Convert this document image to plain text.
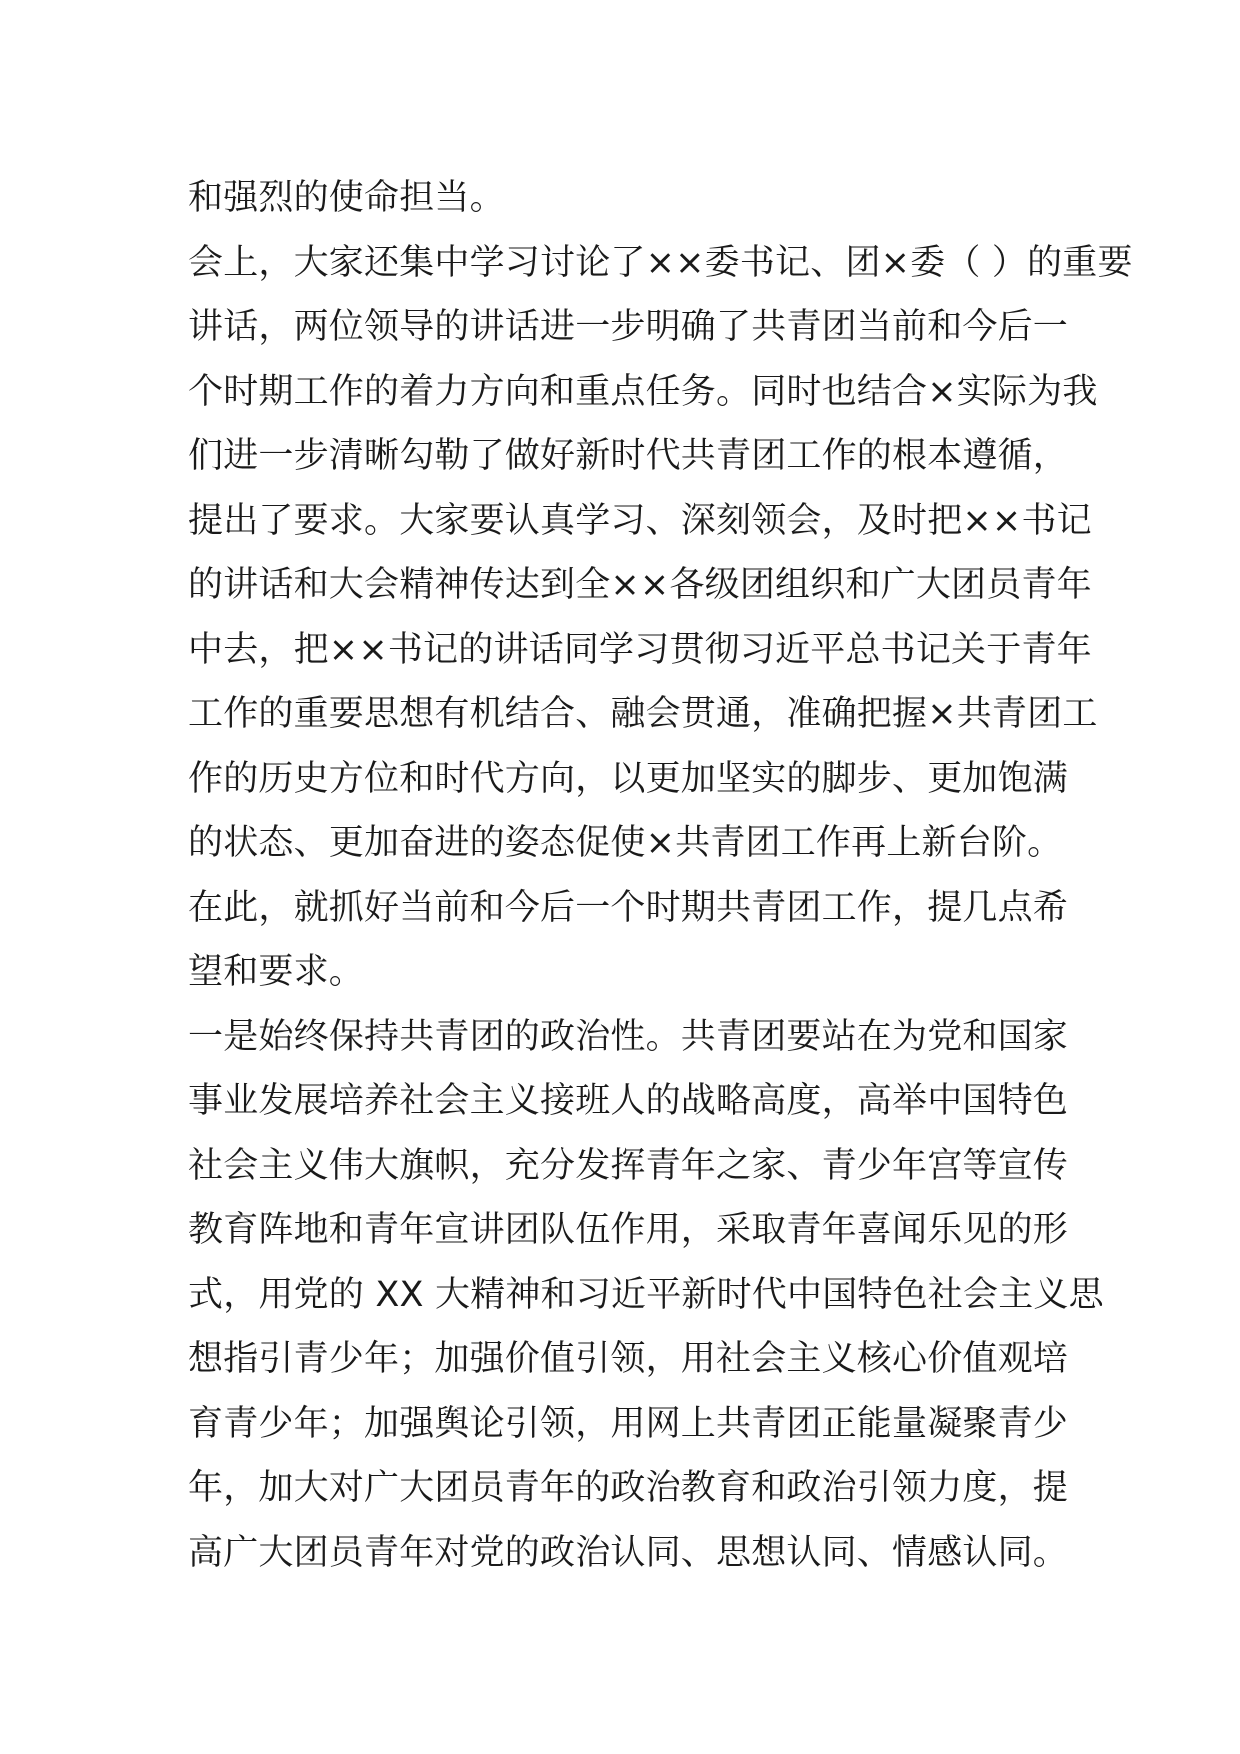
和强烈的使命担当。
会上，大家还集中学习讨论了××委书记、团×委（ ）的重要
讲话，两位领导的讲话进一步明确了共青团当前和今后一
个时期工作的着力方向和重点任务。同时也结合×实际为我
们进一步清晰勾勒了做好新时代共青团工作的根本遵循，
提出了要求。大家要认真学习、深刻领会，及时把××书记
的讲话和大会精神传达到全××各级团组织和广大团员青年
中去，把××书记的讲话同学习贯彻习近平总书记关于青年
工作的重要思想有机结合、融会贯通，准确把握×共青团工
作的历史方位和时代方向，以更加坚实的脚步、更加饱满
的状态、更加奋进的姿态促使×共青团工作再上新台阶。
在此，就抓好当前和今后一个时期共青团工作，提几点希
望和要求。
一是始终保持共青团的政治性。共青团要站在为党和国家
事业发展培养社会主义接班人的战略高度，高举中国特色
社会主义伟大旗帜，充分发挥青年之家、青少年宫等宣传
教育阵地和青年宣讲团队伍作用，采取青年喜闻乐见的形
式，用党的 XX 大精神和习近平新时代中国特色社会主义思
想指引青少年；加强价值引领，用社会主义核心价值观培
育青少年；加强舆论引领，用网上共青团正能量凝聚青少
年，加大对广大团员青年的政治教育和政治引领力度，提
高广大团员青年对党的政治认同、思想认同、情感认同。
